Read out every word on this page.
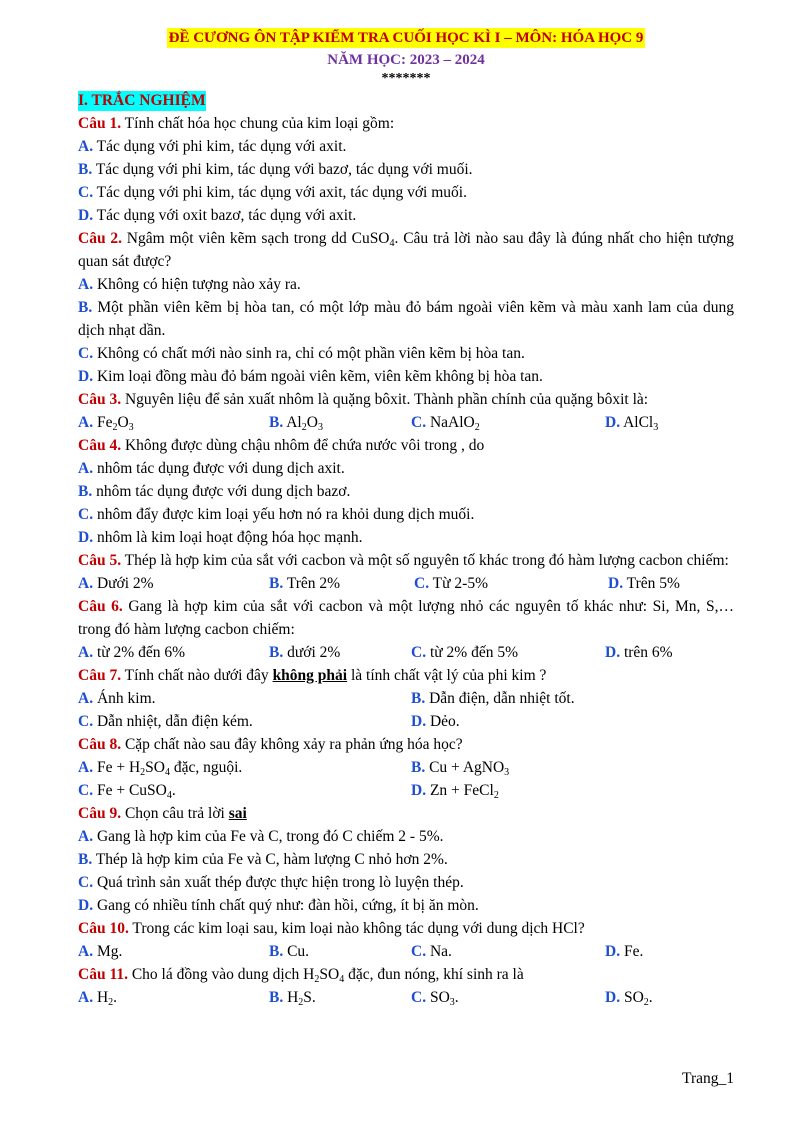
ĐỀ CƯƠNG ÔN TẬP KIỂM TRA CUỐI HỌC KÌ I – MÔN: HÓA HỌC 9
NĂM HỌC: 2023 – 2024
*******
I. TRẮC NGHIỆM
Câu 1. Tính chất hóa học chung của kim loại gồm:
A. Tác dụng với phi kim, tác dụng với axit.
B. Tác dụng với phi kim, tác dụng với bazơ, tác dụng với muối.
C. Tác dụng với phi kim, tác dụng với axit, tác dụng với muối.
D. Tác dụng với oxit bazơ, tác dụng với axit.
Câu 2. Ngâm một viên kẽm sạch trong dd CuSO$_4$. Câu trả lời nào sau đây là đúng nhất cho hiện tượng quan sát được?
A. Không có hiện tượng nào xảy ra.
B. Một phần viên kẽm bị hòa tan, có một lớp màu đỏ bám ngoài viên kẽm và màu xanh lam của dung dịch nhạt dần.
C. Không có chất mới nào sinh ra, chỉ có một phần viên kẽm bị hòa tan.
D. Kim loại đồng màu đỏ bám ngoài viên kẽm, viên kẽm không bị hòa tan.
Câu 3. Nguyên liệu để sản xuất nhôm là quặng bôxit. Thành phần chính của quặng bôxit là:
A. $Fe_2O_3$	B. $Al_2O_3$	C. NaAlO$_2$	D. AlCl$_3$
Câu 4. Không được dùng chậu nhôm để chứa nước vôi trong , do
A. nhôm tác dụng được với dung dịch axit.
B. nhôm tác dụng được với dung dịch bazơ.
C. nhôm đẩy được kim loại yếu hơn nó ra khỏi dung dịch muối.
D. nhôm là kim loại hoạt động hóa học mạnh.
Câu 5. Thép là hợp kim của sắt với cacbon và một số nguyên tố khác trong đó hàm lượng cacbon chiếm:
A. Dưới 2%	B. Trên 2%	C. Từ 2-5%	D. Trên 5%
Câu 6. Gang là hợp kim của sắt với cacbon và một lượng nhỏ các nguyên tố khác như: Si, Mn, S,… trong đó hàm lượng cacbon chiếm:
A. từ 2% đến 6%	B. dưới 2%	C. từ 2% đến 5%	D. trên 6%
Câu 7. Tính chất nào dưới đây không phải là tính chất vật lý của phi kim ?
A. Ánh kim.	B. Dẫn điện, dẫn nhiệt tốt.
C. Dẫn nhiệt, dẫn điện kém.	D. Dẻo.
Câu 8. Cặp chất nào sau đây không xảy ra phản ứng hóa học?
A. $Fe + H_2SO_4$ đặc, nguội.	B. Cu + AgNO$_3$
C. Fe + CuSO$_4$.	D. Zn + FeCl$_2$
Câu 9. Chọn câu trả lời sai
A. Gang là hợp kim của Fe và C, trong đó C chiếm 2 - 5%.
B. Thép là hợp kim của Fe và C, hàm lượng C nhỏ hơn 2%.
C. Quá trình sản xuất thép được thực hiện trong lò luyện thép.
D. Gang có nhiều tính chất quý như: đàn hồi, cứng, ít bị ăn mòn.
Câu 10. Trong các kim loại sau, kim loại nào không tác dụng với dung dịch HCl?
A. Mg.	B. Cu.	C. Na.	D. Fe.
Câu 11. Cho lá đồng vào dung dịch $H_2SO_4$ đặc, đun nóng, khí sinh ra là
A. $H_2$.	B. $H_2S$.	C. $SO_3$.	D. $SO_2$.
Trang_1
